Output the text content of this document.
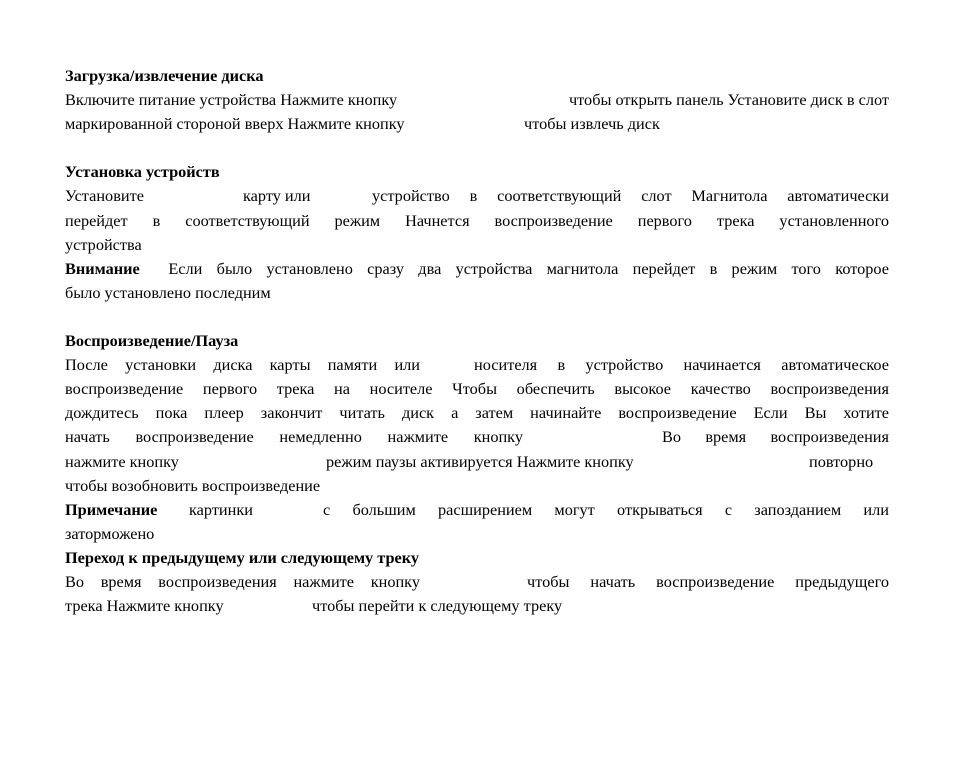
Загрузка/извлечение диска
Включите питание устройства Нажмите кнопку	чтобы открыть панель Установите диск в слот
маркированной стороной вверх Нажмите кнопку	чтобы извлечь диск
Установка устройств
Установите	карту или	устройство в соответствующий слот Магнитола автоматически
перейдет в соответствующий режим Начнется воспроизведение первого трека установленного
устройства
Внимание Если было установлено сразу два устройства магнитола перейдет в режим того которое
было установлено последним
Воспроизведение/Пауза
После установки диска карты памяти или	носителя в устройство начинается автоматическое
воспроизведение первого трека на носителе Чтобы обеспечить высокое качество воспроизведения
дождитесь пока плеер закончит читать диск а затем начинайте воспроизведение Если Вы хотите
начать воспроизведение немедленно нажмите кнопку	Во время воспроизведения
нажмите кнопку	режим паузы активируется Нажмите кнопку	повторно
чтобы возобновить воспроизведение
Примечание картинки	с большим расширением могут открываться с запозданием или
заторможено
Переход к предыдущему или следующему треку
Во время воспроизведения нажмите кнопку	чтобы начать воспроизведение предыдущего
трека Нажмите кнопку	чтобы перейти к следующему треку
